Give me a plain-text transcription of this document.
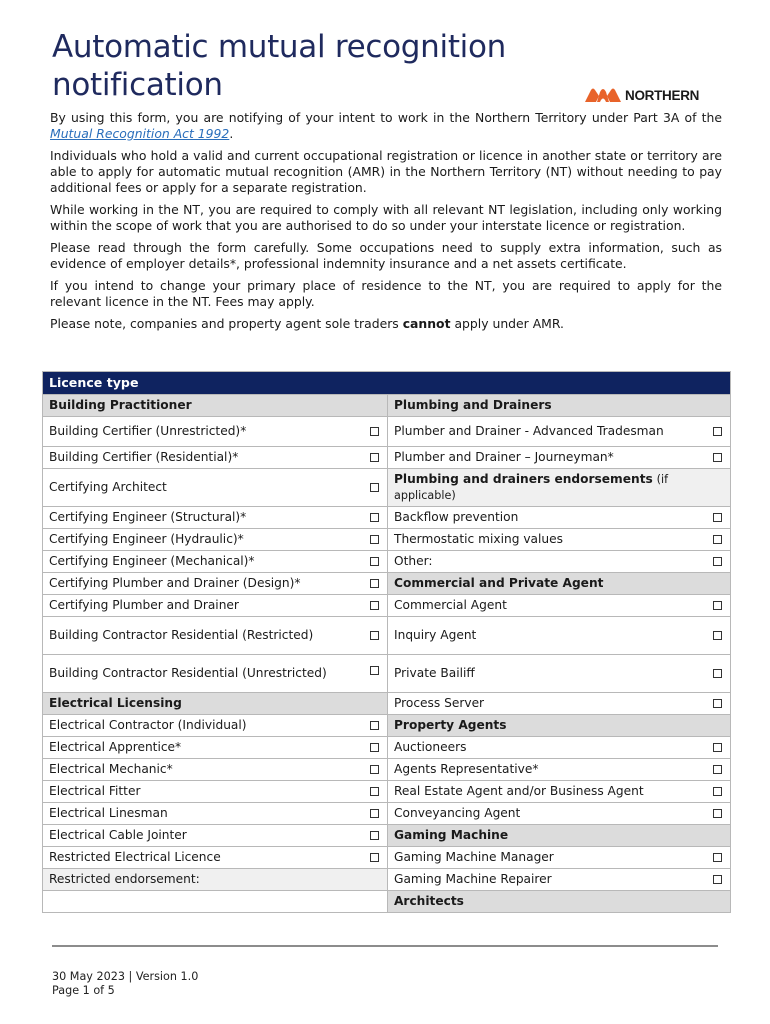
Automatic mutual recognition
notification	NORTHERN

By using this form, you are notifying of your intent to work in the Northern Territory under Part 3A of the Mutual Recognition Act 1992.

Individuals who hold a valid and current occupational registration or licence in another state or territory are able to apply for automatic mutual recognition (AMR) in the Northern Territory (NT) without needing to pay additional fees or apply for a separate registration.

While working in the NT, you are required to comply with all relevant NT legislation, including only working within the scope of work that you are authorised to do so under your interstate licence or registration.

Please read through the form carefully. Some occupations need to supply extra information, such as evidence of employer details*, professional indemnity insurance and a net assets certificate.

If you intend to change your primary place of residence to the NT, you are required to apply for the relevant licence in the NT. Fees may apply.

Please note, companies and property agent sole traders cannot apply under AMR.

Licence type	
Building Practitioner	Plumbing and Drainers

Building Certifier (Unrestricted)*	Plumber and Drainer - Advanced Tradesman

Building Certifier (Residential)*	Plumber and Drainer – Journeyman*

Certifying Architect	Plumbing and drainers endorsements (if applicable)

Certifying Engineer (Structural)*	Backflow prevention

Certifying Engineer (Hydraulic)*	Thermostatic mixing values

Certifying Engineer (Mechanical)*	Other:

Certifying Plumber and Drainer (Design)*	Commercial and Private Agent

Certifying Plumber and Drainer	Commercial Agent

Building Contractor Residential (Restricted)	Inquiry Agent

Building Contractor Residential (Unrestricted)	Private Bailiff

Electrical Licensing	Process Server

Electrical Contractor (Individual)	Property Agents

Electrical Apprentice*	Auctioneers

Electrical Mechanic*	Agents Representative*

Electrical Fitter	Real Estate Agent and/or Business Agent

Electrical Linesman	Conveyancing Agent

Electrical Cable Jointer	Gaming Machine

Restricted Electrical Licence	Gaming Machine Manager

Restricted endorsement:	Gaming Machine Repairer

	Architects
30 May 2023 | Version 1.0
Page 1 of 5
